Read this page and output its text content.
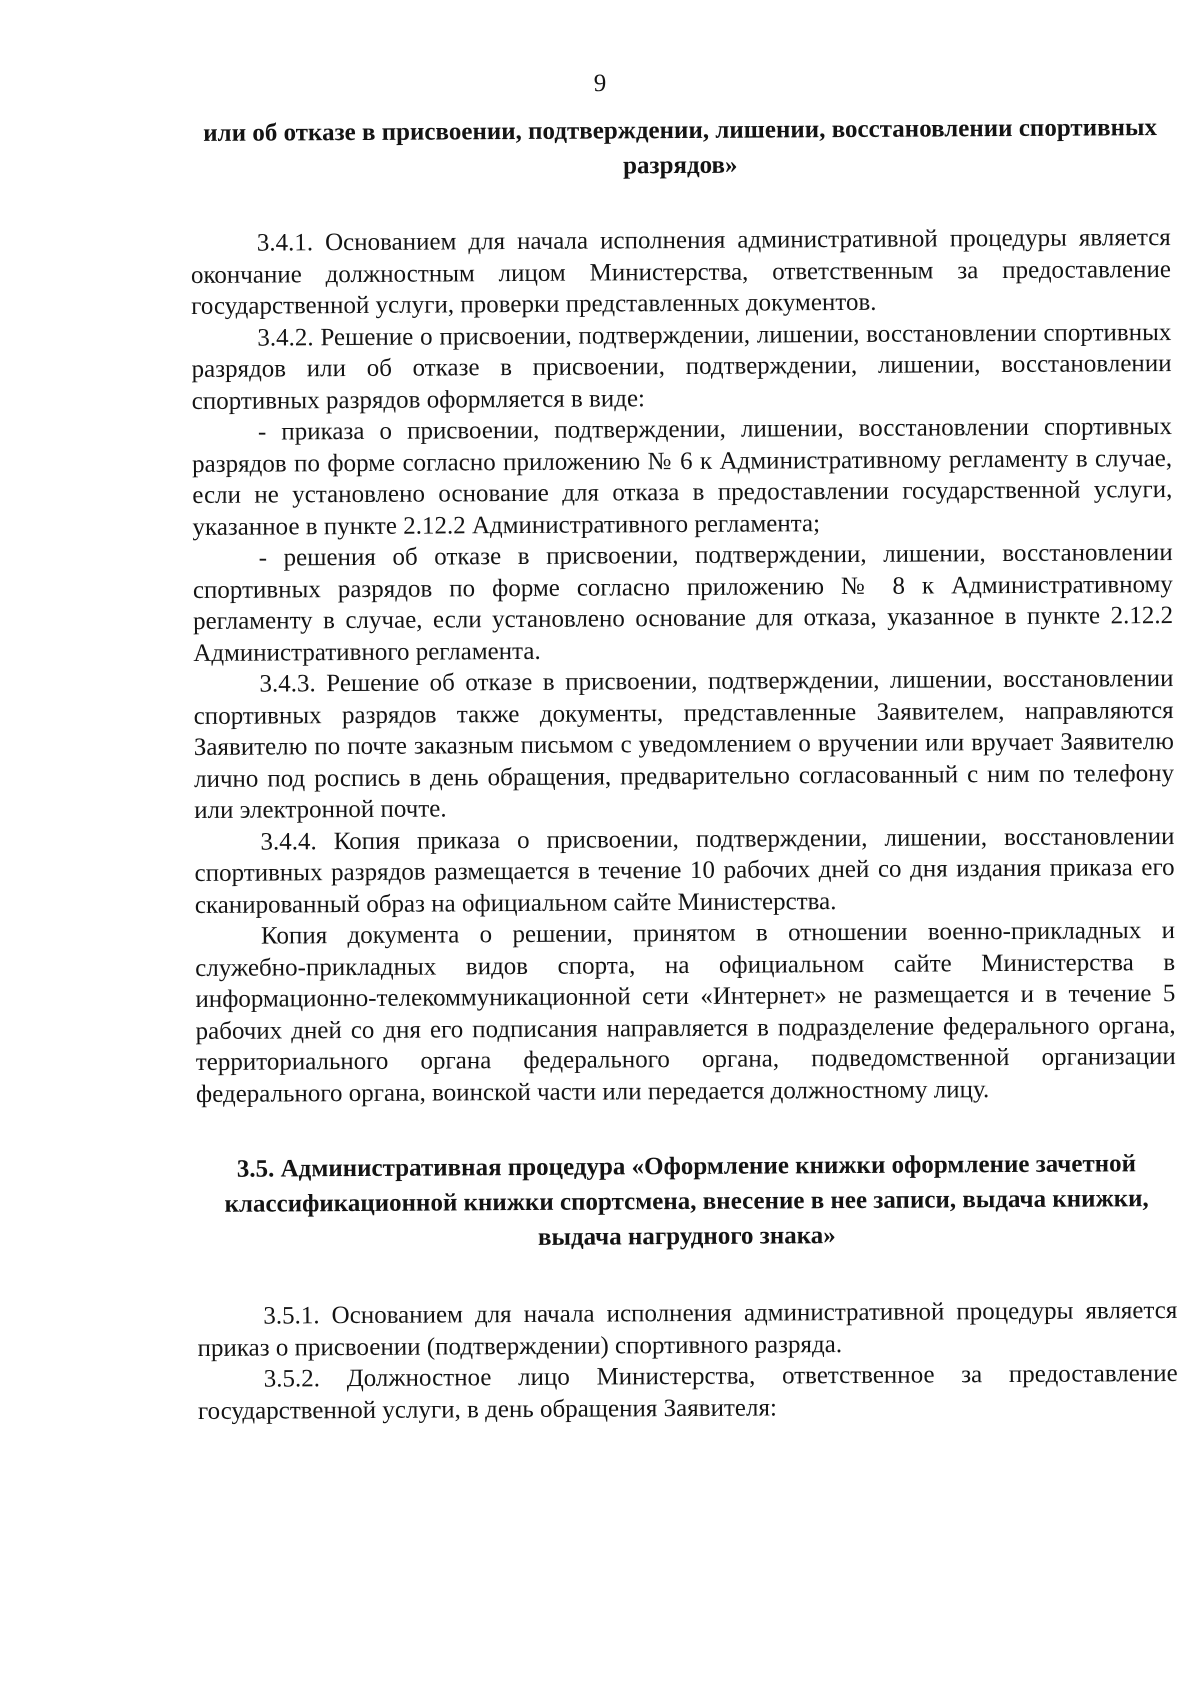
9

или об отказе в присвоении, подтверждении, лишении, восстановлении спортивных разрядов»

3.4.1. Основанием для начала исполнения административной процедуры является окончание должностным лицом Министерства, ответственным за предоставление государственной услуги, проверки представленных документов.

3.4.2. Решение о присвоении, подтверждении, лишении, восстановлении спортивных разрядов или об отказе в присвоении, подтверждении, лишении, восстановлении спортивных разрядов оформляется в виде:

- приказа о присвоении, подтверждении, лишении, восстановлении спортивных разрядов по форме согласно приложению № 6 к Административному регламенту в случае, если не установлено основание для отказа в предоставлении государственной услуги, указанное в пункте 2.12.2 Административного регламента;

- решения об отказе в присвоении, подтверждении, лишении, восстановлении спортивных разрядов по форме согласно приложению № 8 к Административному регламенту в случае, если установлено основание для отказа, указанное в пункте 2.12.2 Административного регламента.

3.4.3. Решение об отказе в присвоении, подтверждении, лишении, восстановлении спортивных разрядов также документы, представленные Заявителем, направляются Заявителю по почте заказным письмом с уведомлением о вручении или вручает Заявителю лично под роспись в день обращения, предварительно согласованный с ним по телефону или электронной почте.

3.4.4. Копия приказа о присвоении, подтверждении, лишении, восстановлении спортивных разрядов размещается в течение 10 рабочих дней со дня издания приказа его сканированный образ на официальном сайте Министерства.

Копия документа о решении, принятом в отношении военно-прикладных и служебно-прикладных видов спорта, на официальном сайте Министерства в информационно-телекоммуникационной сети «Интернет» не размещается и в течение 5 рабочих дней со дня его подписания направляется в подразделение федерального органа, территориального органа федерального органа, подведомственной организации федерального органа, воинской части или передается должностному лицу.

3.5. Административная процедура «Оформление книжки оформление зачетной классификационной книжки спортсмена, внесение в нее записи, выдача книжки, выдача нагрудного знака»

3.5.1. Основанием для начала исполнения административной процедуры является приказ о присвоении (подтверждении) спортивного разряда.

3.5.2. Должностное лицо Министерства, ответственное за предоставление государственной услуги, в день обращения Заявителя:
